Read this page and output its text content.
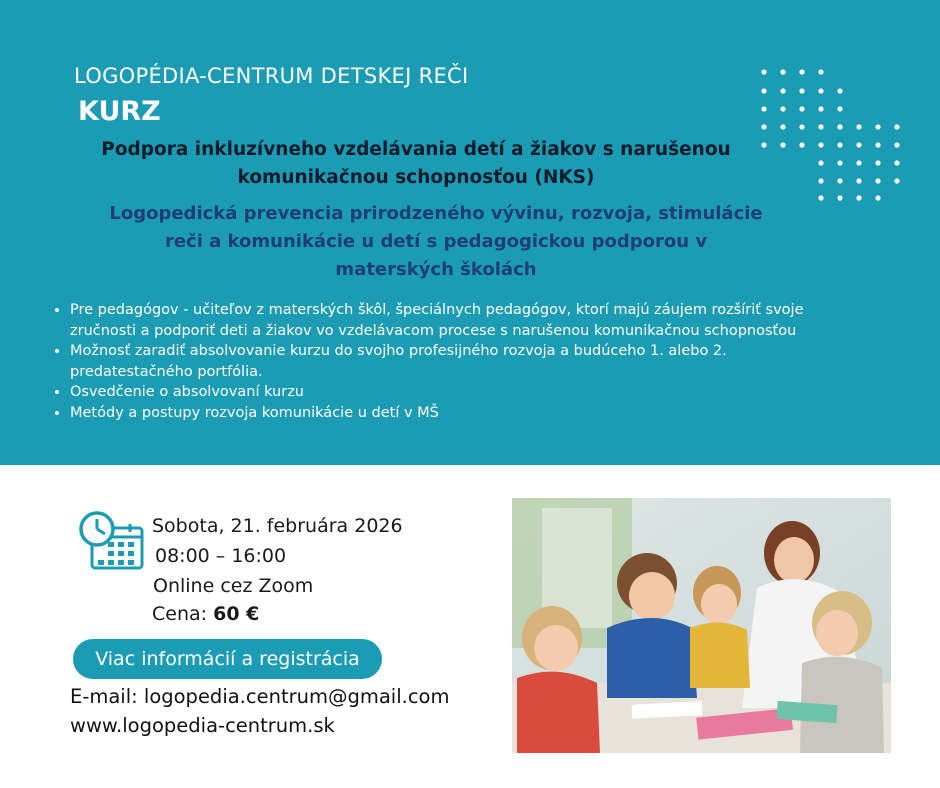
LOGOPÉDIA-CENTRUM DETSKEJ REČI
KURZ
Podpora inkluzívneho vzdelávania detí a žiakov s narušenou
komunikačnou schopnosťou (NKS)
Logopedická prevencia prirodzeného vývinu, rozvoja, stimulácie
reči a komunikácie u detí s pedagogickou podporou v
materských školách
• Pre pedagógov - učiteľov z materských škôl, špeciálnych pedagógov, ktorí majú záujem rozšíriť svoje zručnosti a podporiť deti a žiakov vo vzdelávacom procese s narušenou komunikačnou schopnosťou
• Možnosť zaradiť absolvovanie kurzu do svojho profesijného rozvoja a budúceho 1. alebo 2. predatestačného portfólia.
• Osvedčenie o absolvovaní kurzu
• Metódy a postupy rozvoja komunikácie u detí v MŠ
Sobota, 21. februára 2026
08:00 – 16:00
Online cez Zoom
Cena: 60 €
Viac informácií a registrácia
E-mail: logopedia.centrum@gmail.com
www.logopedia-centrum.sk
